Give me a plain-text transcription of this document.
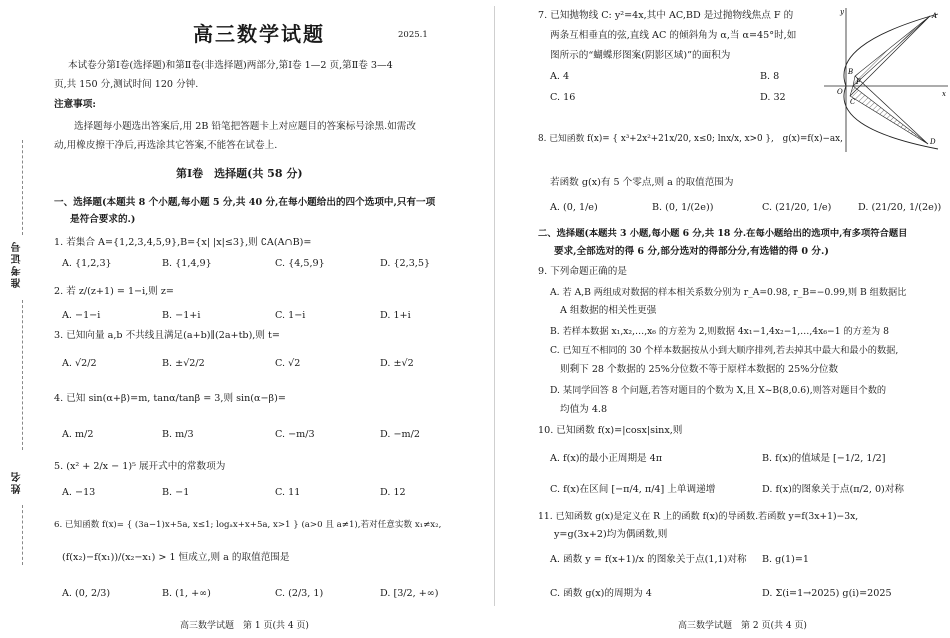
准考证号
姓名
高三数学试题	2025.1
本试卷分第Ⅰ卷(选择题)和第Ⅱ卷(非选择题)两部分,第Ⅰ卷 1—2 页,第Ⅱ卷 3—4
页,共 150 分,测试时间 120 分钟.
注意事项:
选择题每小题选出答案后,用 2B 铅笔把答题卡上对应题目的答案标号涂黑.如需改
动,用橡皮擦干净后,再选涂其它答案,不能答在试卷上.
第Ⅰ卷　选择题(共 58 分)
一、选择题(本题共 8 个小题,每小题 5 分,共 40 分,在每小题给出的四个选项中,只有一项
是符合要求的.)
1. 若集合 A={1,2,3,4,5,9},B={x| |x|≤3},则 ∁A(A∩B)=
A. {1,2,3}	B. {1,4,9}	C. {4,5,9}	D. {2,3,5}
2. 若 z/(z+1) = 1−i,则 z=
A. −1−i	B. −1+i	C. 1−i	D. 1+i
3. 已知向量 a,b 不共线且满足(a+b)∥(2a+tb),则 t=
A. √2/2	B. ±√2/2	C. √2	D. ±√2
4. 已知 sin(α+β)=m, tanα/tanβ = 3,则 sin(α−β)=
A. m/2	B. m/3	C. −m/3	D. −m/2
5. (x² + 2/x − 1)⁵ 展开式中的常数项为
A. −13	B. −1	C. 11	D. 12
6. 已知函数 f(x)= { (3a−1)x+5a, x≤1; logₐx+x+5a, x>1 } (a>0 且 a≠1),若对任意实数 x₁≠x₂,
(f(x₂)−f(x₁))/(x₂−x₁) > 1 恒成立,则 a 的取值范围是
A. (0, 2/3)	B. (1, +∞)	C. (2/3, 1)	D. [3/2, +∞)
高三数学试题　第 1 页(共 4 页)
7. 已知抛物线 C: y²=4x,其中 AC,BD 是过抛物线焦点 F 的
两条互相垂直的弦,直线 AC 的倾斜角为 α,当 α=45°时,如
图所示的“蝴蝶形图案(阴影区域)”的面积为
A. 4	B. 8
C. 16	D. 32
y	A
B
O
F
C
D
x
8. 已知函数 f(x)= { x³+2x²+21x/20, x≤0; lnx/x, x>0 },　g(x)=f(x)−ax,
若函数 g(x)有 5 个零点,则 a 的取值范围为
A. (0, 1/e)	B. (0, 1/(2e))	C. (21/20, 1/e)	D. (21/20, 1/(2e))
二、选择题(本题共 3 小题,每小题 6 分,共 18 分.在每小题给出的选项中,有多项符合题目
要求,全部选对的得 6 分,部分选对的得部分分,有选错的得 0 分.)
9. 下列命题正确的是
A. 若 A,B 两组成对数据的样本相关系数分别为 r_A=0.98, r_B=−0.99,则 B 组数据比
A 组数据的相关性更强
B. 若样本数据 x₁,x₂,…,x₆ 的方差为 2,则数据 4x₁−1,4x₂−1,…,4x₆−1 的方差为 8
C. 已知互不相同的 30 个样本数据按从小到大顺序排列,若去掉其中最大和最小的数据,
则剩下 28 个数据的 25%分位数不等于原样本数据的 25%分位数
D. 某同学回答 8 个问题,若答对题目的个数为 X,且 X~B(8,0.6),则答对题目个数的
均值为 4.8
10. 已知函数 f(x)=|cosx|sinx,则
A. f(x)的最小正周期是 4π	B. f(x)的值域是 [−1/2, 1/2]
C. f(x)在区间 [−π/4, π/4] 上单调递增	D. f(x)的图象关于点(π/2, 0)对称
11. 已知函数 g(x)是定义在 R 上的函数 f(x)的导函数.若函数 y=f(3x+1)−3x,
y=g(3x+2)均为偶函数,则
A. 函数 y = f(x+1)/x 的图象关于点(1,1)对称 B. g(1)=1
C. 函数 g(x)的周期为 4	D. Σ(i=1→2025) g(i)=2025
高三数学试题　第 2 页(共 4 页)
